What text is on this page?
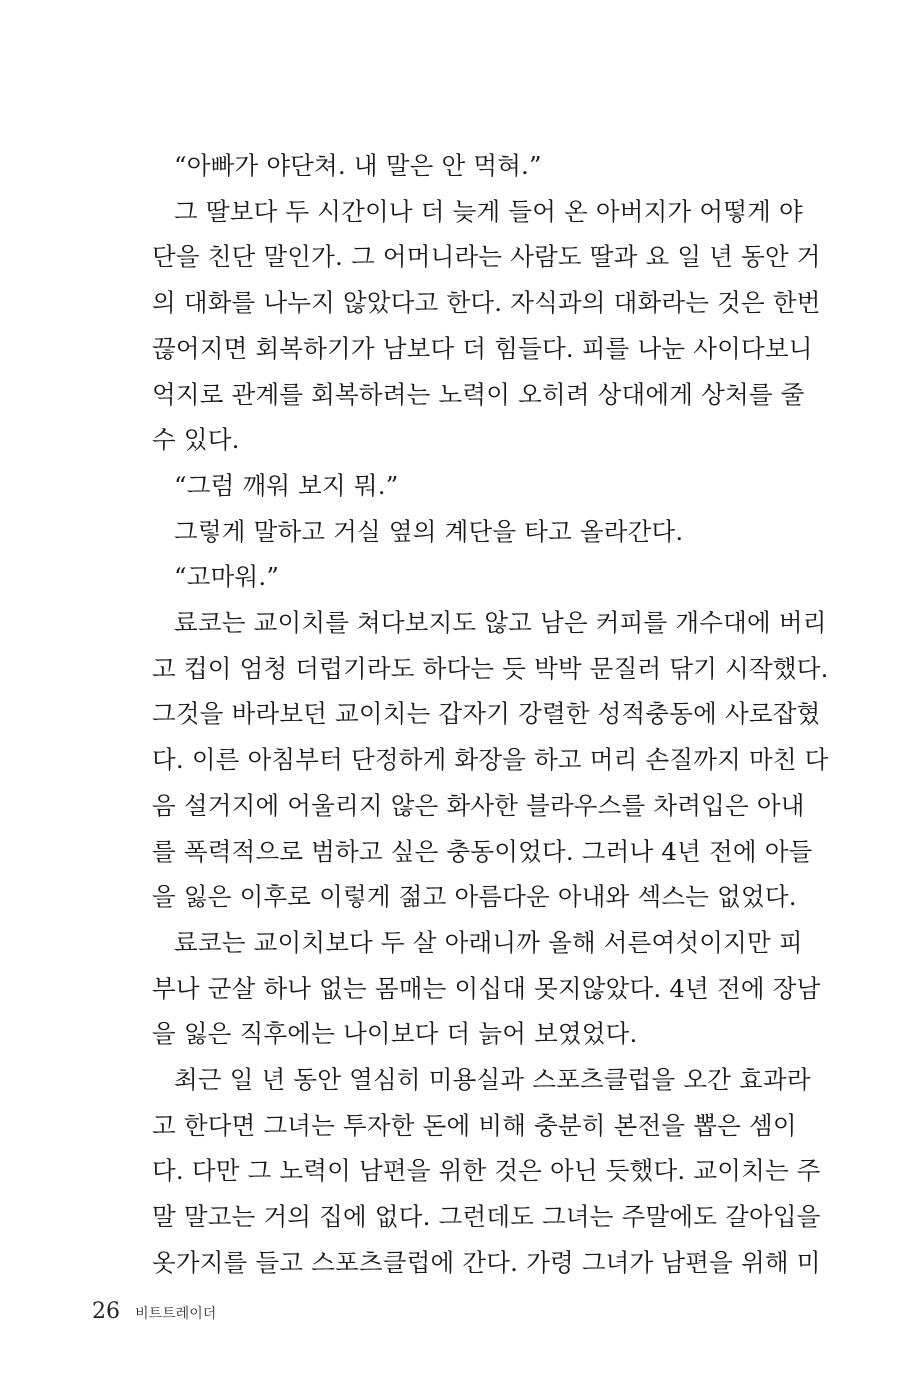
“아빠가 야단쳐. 내 말은 안 먹혀.”
그 딸보다 두 시간이나 더 늦게 들어 온 아버지가 어떻게 야
단을 친단 말인가. 그 어머니라는 사람도 딸과 요 일 년 동안 거
의 대화를 나누지 않았다고 한다. 자식과의 대화라는 것은 한번
끊어지면 회복하기가 남보다 더 힘들다. 피를 나눈 사이다보니
억지로 관계를 회복하려는 노력이 오히려 상대에게 상처를 줄
수 있다.
“그럼 깨워 보지 뭐.”
그렇게 말하고 거실 옆의 계단을 타고 올라간다.
“고마워.”
료코는 교이치를 쳐다보지도 않고 남은 커피를 개수대에 버리
고 컵이 엄청 더럽기라도 하다는 듯 박박 문질러 닦기 시작했다.
그것을 바라보던 교이치는 갑자기 강렬한 성적충동에 사로잡혔
다. 이른 아침부터 단정하게 화장을 하고 머리 손질까지 마친 다
음 설거지에 어울리지 않은 화사한 블라우스를 차려입은 아내
를 폭력적으로 범하고 싶은 충동이었다. 그러나 4년 전에 아들
을 잃은 이후로 이렇게 젊고 아름다운 아내와 섹스는 없었다.
료코는 교이치보다 두 살 아래니까 올해 서른여섯이지만 피
부나 군살 하나 없는 몸매는 이십대 못지않았다. 4년 전에 장남
을 잃은 직후에는 나이보다 더 늙어 보였었다.
최근 일 년 동안 열심히 미용실과 스포츠클럽을 오간 효과라
고 한다면 그녀는 투자한 돈에 비해 충분히 본전을 뽑은 셈이
다. 다만 그 노력이 남편을 위한 것은 아닌 듯했다. 교이치는 주
말 말고는 거의 집에 없다. 그런데도 그녀는 주말에도 갈아입을
옷가지를 들고 스포츠클럽에 간다. 가령 그녀가 남편을 위해 미
26 비트트레이더
